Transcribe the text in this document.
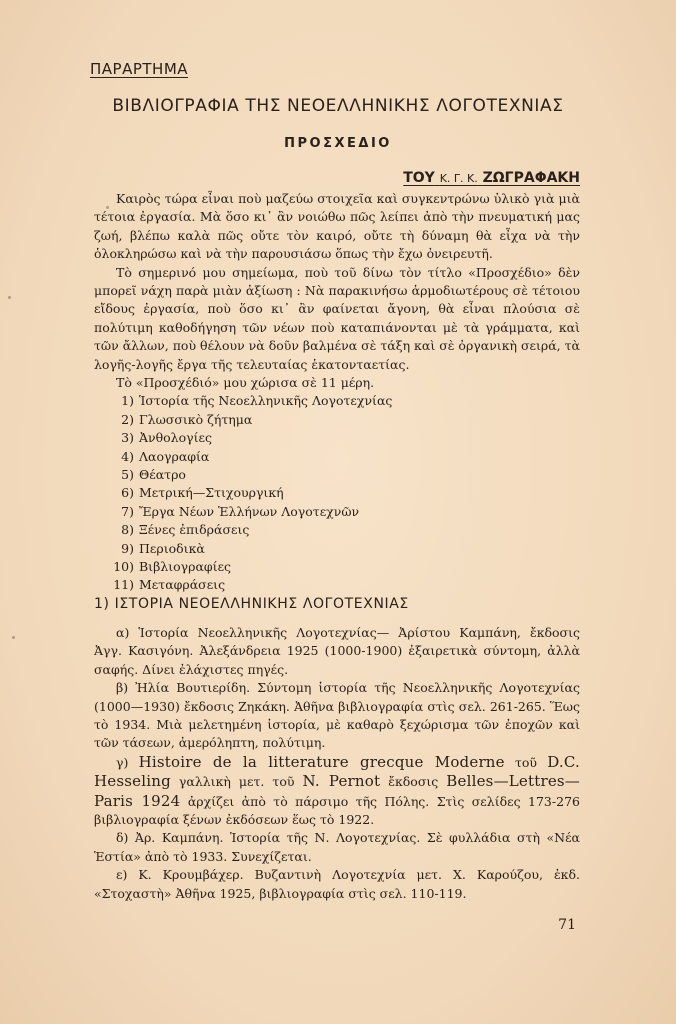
ΠΑΡΑΡΤΗΜΑ
ΒΙΒΛΙΟΓΡΑΦΙΑ ΤΗΣ ΝΕΟΕΛΛΗΝΙΚΗΣ ΛΟΓΟΤΕΧΝΙΑΣ
ΠΡΟΣΧΕΔΙΟ
ΤΟΥ Κ. Γ. Κ. ΖΩΓΡΑΦΑΚΗ

Καιρὸς τώρα εἶναι ποὺ μαζεύω στοιχεῖα καὶ συγκεντρώνω ὑλικὸ γιὰ μιὰ τέτοια ἐργασία. Μὰ ὅσο κι᾿ ἂν νοιώθω πῶς λείπει ἀπὸ τὴν πνευματική μας ζωή, βλέπω καλὰ πῶς οὔτε τὸν καιρό, οὔτε τὴ δύναμη θὰ εἶχα νὰ τὴν ὁλοκληρώσω καὶ νὰ τὴν παρουσιάσω ὅπως τὴν ἔχω ὀνειρευτῆ.

Τὸ σημερινό μου σημείωμα, ποὺ τοῦ δίνω τὸν τίτλο «Προσχέδιο» δὲν μπορεῖ νάχη παρὰ μιὰν ἀξίωση : Νὰ παρακινήσω ἁρμοδιωτέρους σὲ τέτοιου εἴδους ἐργασία, ποὺ ὅσο κι᾿ ἂν φαίνεται ἄγονη, θὰ εἶναι πλούσια σὲ πολύτιμη καθοδήγηση τῶν νέων ποὺ καταπιάνονται μὲ τὰ γράμματα, καὶ τῶν ἄλλων, ποὺ θέλουν νὰ δοῦν βαλμένα σὲ τάξη καὶ σὲ ὀργανικὴ σειρά, τὰ λογῆς-λογῆς ἔργα τῆς τελευταίας ἑκατονταετίας.

Τὸ «Προσχέδιό» μου χώρισα σὲ 11 μέρη.

1) Ἱστορία τῆς Νεοελληνικῆς Λογοτεχνίας
2) Γλωσσικὸ ζήτημα
3) Ἀνθολογίες
4) Λαογραφία
5) Θέατρο
6) Μετρική—Στιχουργική
7) Ἔργα Νέων Ἑλλήνων Λογοτεχνῶν
8) Ξένες ἐπιδράσεις
9) Περιοδικὰ
10) Βιβλιογραφίες
11) Μεταφράσεις
1) ΙΣΤΟΡΙΑ ΝΕΟΕΛΛΗΝΙΚΗΣ ΛΟΓΟΤΕΧΝΙΑΣ

α) Ἱστορία Νεοελληνικῆς Λογοτεχνίας— Ἀρίστου Καμπάνη, ἔκδοσις Ἀγγ. Κασιγόνη. Ἀλεξάνδρεια 1925 (1000-1900) ἐξαιρετικὰ σύντομη, ἀλλὰ σαφής. Δίνει ἐλάχιστες πηγές.

β) Ἠλία Βουτιερίδη. Σύντομη ἱστορία τῆς Νεοελληνικῆς Λογοτεχνίας (1000—1930) ἔκδοσις Ζηκάκη. Ἀθῆνα βιβλιογραφία στὶς σελ. 261-265. Ἕως τὸ 1934. Μιὰ μελετημένη ἱστορία, μὲ καθαρὸ ξεχώρισμα τῶν ἐποχῶν καὶ τῶν τάσεων, ἀμερόληπτη, πολύτιμη.

γ) Histoire de la litterature grecque Moderne τοῦ D.C. Hesseling γαλλικὴ μετ. τοῦ N. Pernot ἔκδοσις Belles—Lettres— Paris 1924 ἀρχίζει ἀπὸ τὸ πάρσιμο τῆς Πόλης. Στὶς σελίδες 173-276 βιβλιογραφία ξένων ἐκδόσεων ἕως τὸ 1922.

δ) Ἀρ. Καμπάνη. Ἱστορία τῆς Ν. Λογοτεχνίας. Σὲ φυλλάδια στὴ «Νέα Ἑστία» ἀπὸ τὸ 1933. Συνεχίζεται.

ε) Κ. Κρουμβάχερ. Βυζαντινὴ Λογοτεχνία μετ. Χ. Καρούζου, ἐκδ. «Στοχαστὴ» Ἀθῆνα 1925, βιβλιογραφία στὶς σελ. 110-119.

71
